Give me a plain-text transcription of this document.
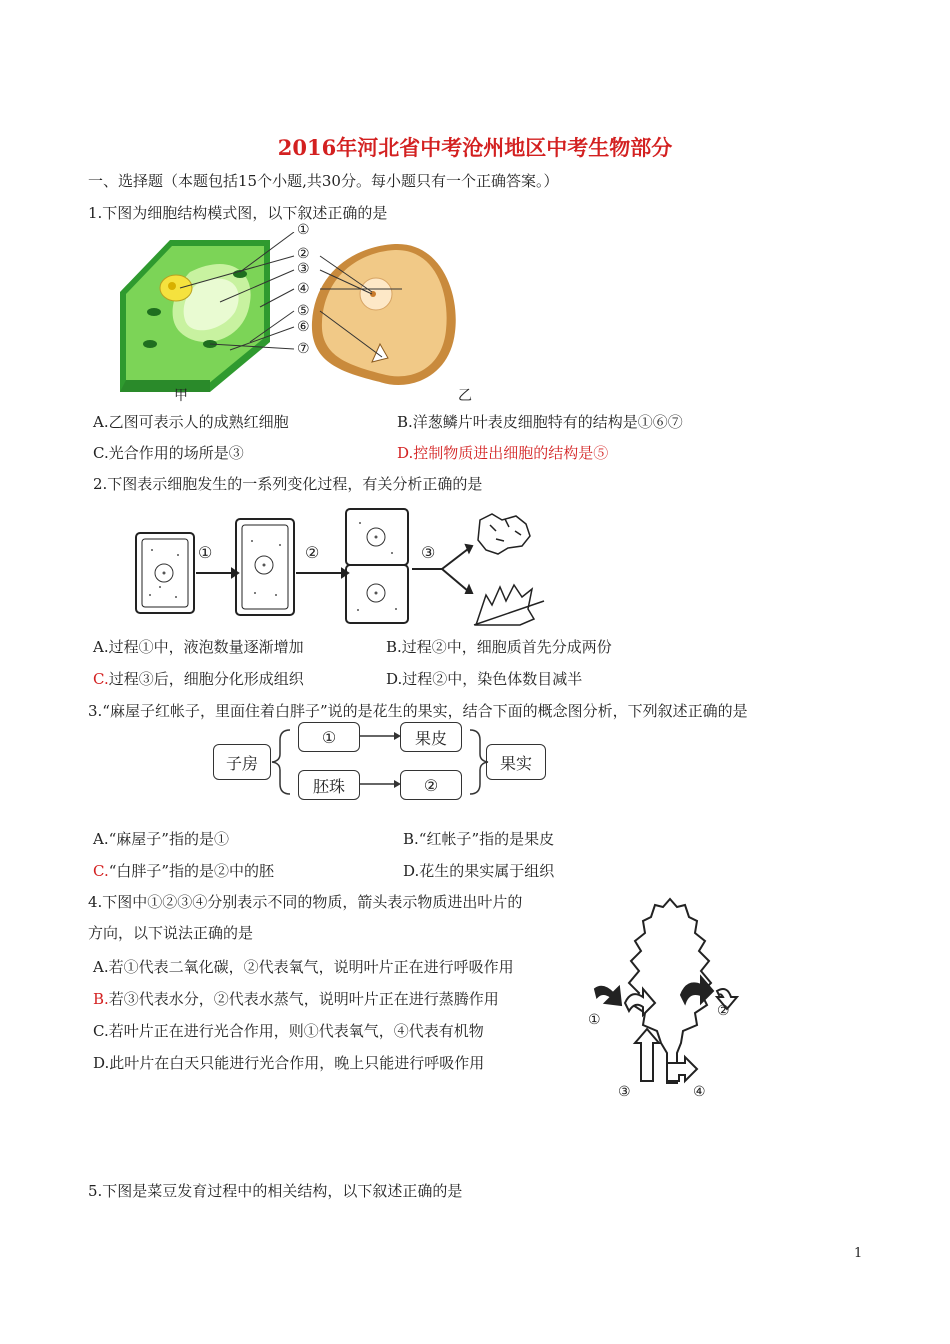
2016年河北省中考沧州地区中考生物部分
一、选择题（本题包括15个小题,共30分。每小题只有一个正确答案。）
1.下图为细胞结构模式图，以下叙述正确的是
①
②
③
④
⑤
⑥
⑦
甲	乙
A.乙图可表示人的成熟红细胞	B.洋葱鳞片叶表皮细胞特有的结构是①⑥⑦
C.光合作用的场所是③	D.控制物质进出细胞的结构是⑤
2.下图表示细胞发生的一系列变化过程，有关分析正确的是
①	②	③
A.过程①中，液泡数量逐渐增加	B.过程②中，细胞质首先分成两份
C.过程③后，细胞分化形成组织	D.过程②中，染色体数目减半
3.“麻屋子红帐子，里面住着白胖子”说的是花生的果实，结合下面的概念图分析，下列叙述正确的是
子房
①	果皮
胚珠	②
果实
A.“麻屋子”指的是①	B.“红帐子”指的是果皮
C.“白胖子”指的是②中的胚	D.花生的果实属于组织
4.下图中①②③④分别表示不同的物质，箭头表示物质进出叶片的
方向，以下说法正确的是
A.若①代表二氧化碳，②代表氧气，说明叶片正在进行呼吸作用
B.若③代表水分，②代表水蒸气，说明叶片正在进行蒸腾作用
C.若叶片正在进行光合作用，则①代表氧气，④代表有机物
D.此叶片在白天只能进行光合作用，晚上只能进行呼吸作用
①
②
③	④
5.下图是菜豆发育过程中的相关结构，以下叙述正确的是
1
